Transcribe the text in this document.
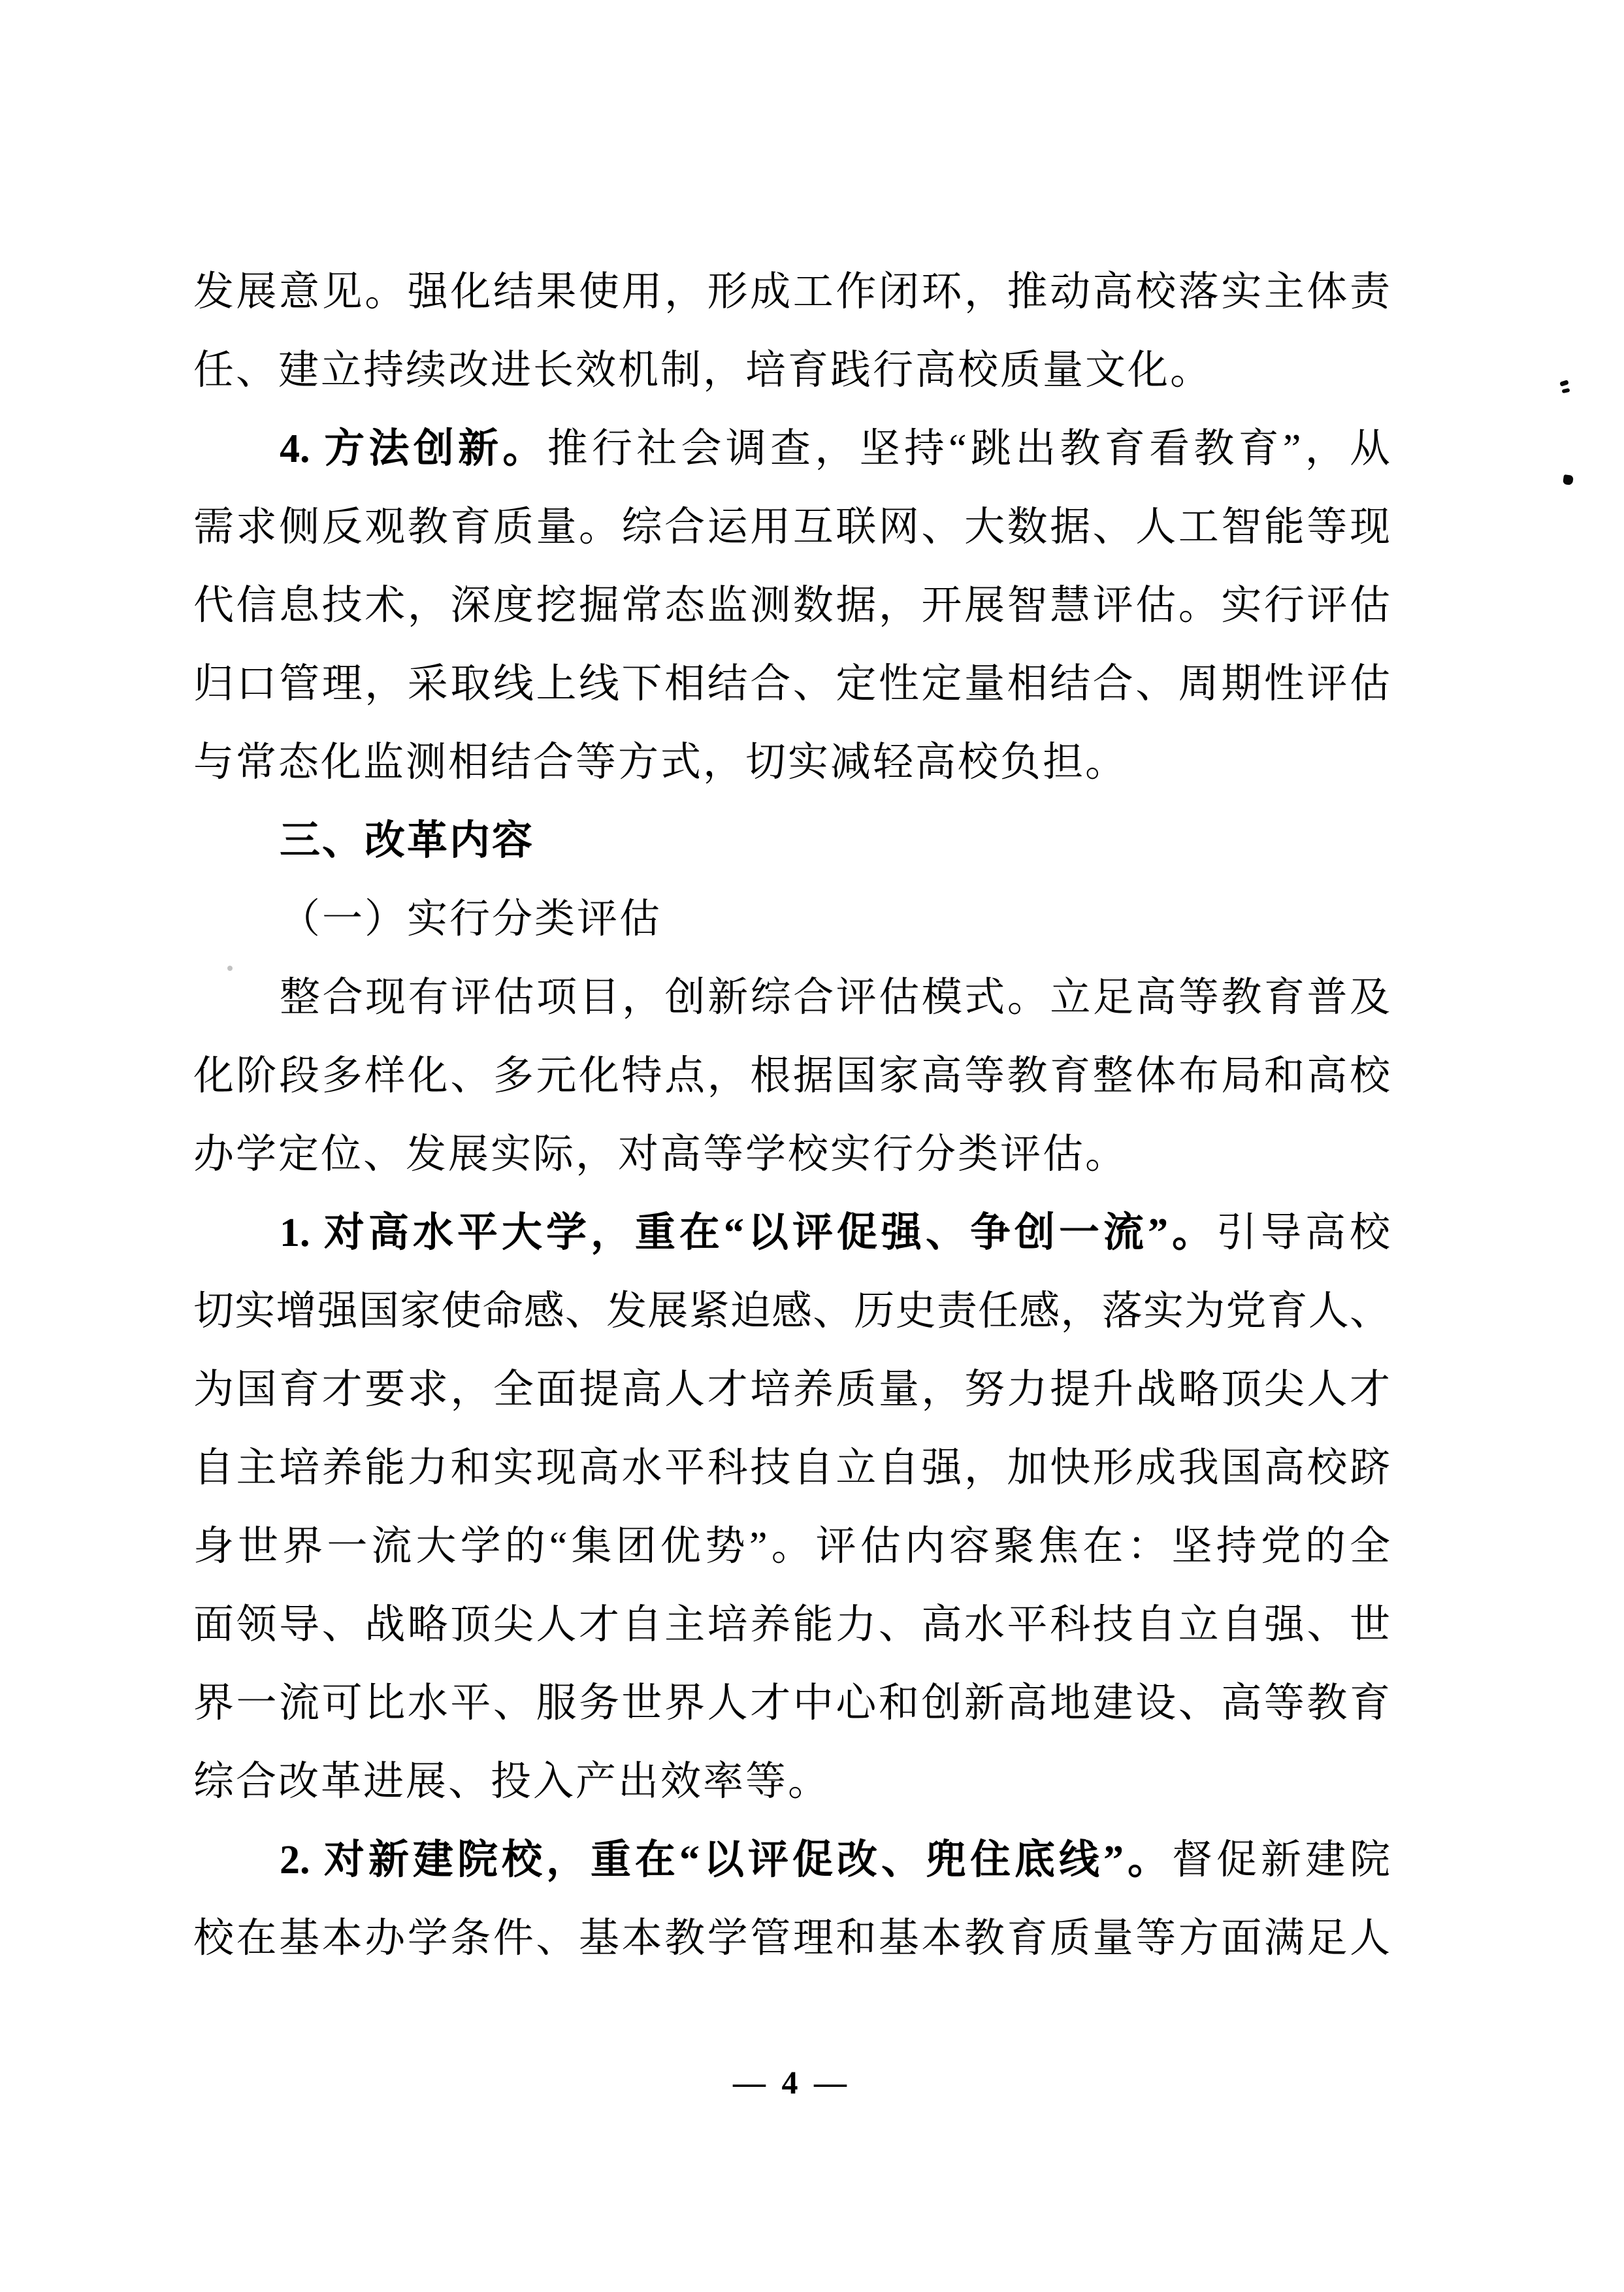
发展意见。强化结果使用，形成工作闭环，推动高校落实主体责
任、建立持续改进长效机制，培育践行高校质量文化。
4. 方法创新。推行社会调查，坚持“跳出教育看教育”，从
需求侧反观教育质量。综合运用互联网、大数据、人工智能等现
代信息技术，深度挖掘常态监测数据，开展智慧评估。实行评估
归口管理，采取线上线下相结合、定性定量相结合、周期性评估
与常态化监测相结合等方式，切实减轻高校负担。
三、改革内容
（一）实行分类评估
整合现有评估项目，创新综合评估模式。立足高等教育普及
化阶段多样化、多元化特点，根据国家高等教育整体布局和高校
办学定位、发展实际，对高等学校实行分类评估。
1. 对高水平大学，重在“以评促强、争创一流”。引导高校
切实增强国家使命感、发展紧迫感、历史责任感，落实为党育人、
为国育才要求，全面提高人才培养质量，努力提升战略顶尖人才
自主培养能力和实现高水平科技自立自强，加快形成我国高校跻
身世界一流大学的“集团优势”。评估内容聚焦在：坚持党的全
面领导、战略顶尖人才自主培养能力、高水平科技自立自强、世
界一流可比水平、服务世界人才中心和创新高地建设、高等教育
综合改革进展、投入产出效率等。
2. 对新建院校，重在“以评促改、兜住底线”。督促新建院
校在基本办学条件、基本教学管理和基本教育质量等方面满足人
— 4 —
